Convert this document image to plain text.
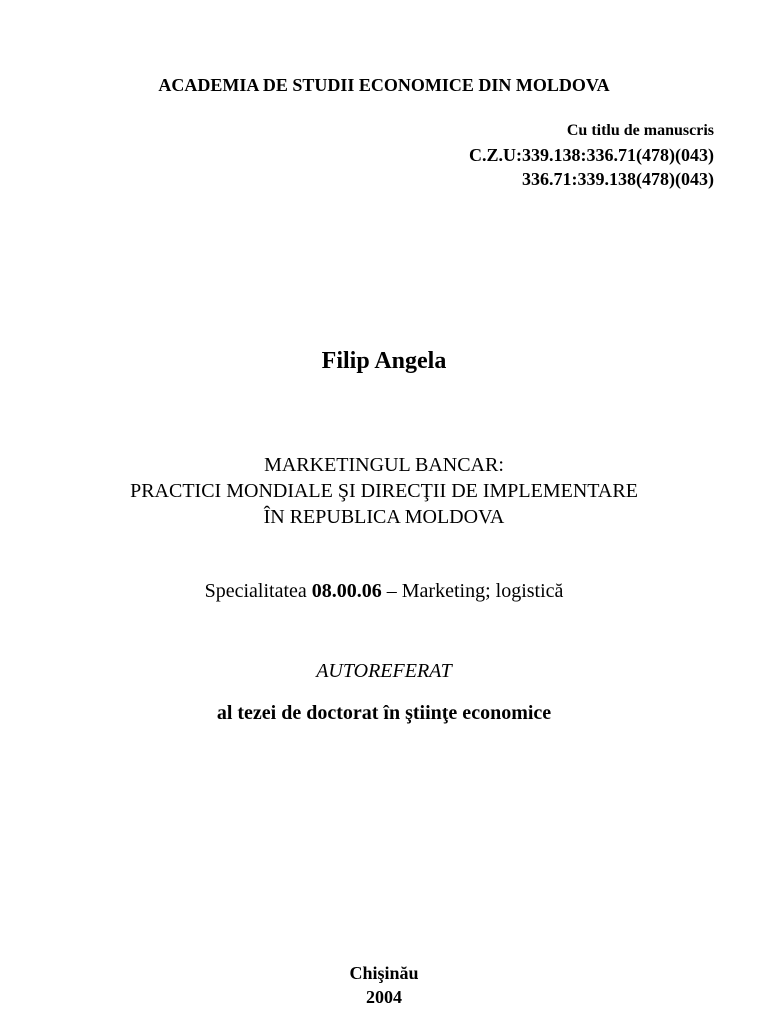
ACADEMIA DE STUDII ECONOMICE DIN MOLDOVA
Cu titlu de manuscris
C.Z.U:339.138:336.71(478)(043)
336.71:339.138(478)(043)
Filip Angela
MARKETINGUL BANCAR:
PRACTICI MONDIALE ŞI DIRECŢII DE IMPLEMENTARE
ÎN REPUBLICA MOLDOVA
Specialitatea 08.00.06 – Marketing; logistică
AUTOREFERAT
al tezei de doctorat în ştiinţe economice
Chişinău
2004
